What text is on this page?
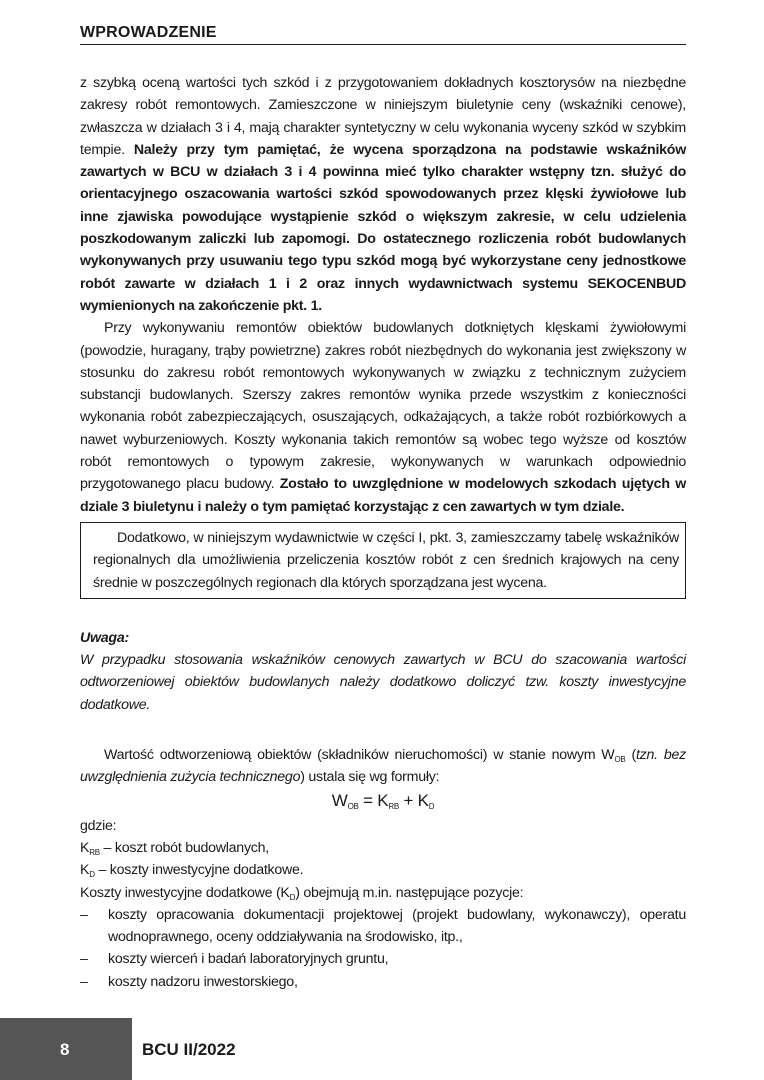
WPROWADZENIE

z szybką oceną wartości tych szkód i z przygotowaniem dokładnych kosztorysów na niezbędne zakresy robót remontowych. Zamieszczone w niniejszym biuletynie ceny (wskaźniki cenowe), zwłaszcza w działach 3 i 4, mają charakter syntetyczny w celu wykonania wyceny szkód w szybkim tempie. Należy przy tym pamiętać, że wycena sporządzona na podstawie wskaźników zawartych w BCU w działach 3 i 4 powinna mieć tylko charakter wstępny tzn. służyć do orientacyjnego oszacowania wartości szkód spowodowanych przez klęski żywiołowe lub inne zjawiska powodujące wystąpienie szkód o większym zakresie, w celu udzielenia poszkodowanym zaliczki lub zapomogi. Do ostatecznego rozliczenia robót budowlanych wykonywanych przy usuwaniu tego typu szkód mogą być wykorzystane ceny jednostkowe robót zawarte w działach 1 i 2 oraz innych wydawnictwach systemu SEKOCENBUD wymienionych na zakończenie pkt. 1.

Przy wykonywaniu remontów obiektów budowlanych dotkniętych klęskami żywiołowymi (powodzie, huragany, trąby powietrzne) zakres robót niezbędnych do wykonania jest zwiększony w stosunku do zakresu robót remontowych wykonywanych w związku z technicznym zużyciem substancji budowlanych. Szerszy zakres remontów wynika przede wszystkim z konieczności wykonania robót zabezpieczających, osuszających, odkażających, a także robót rozbiórkowych a nawet wyburzeniowych. Koszty wykonania takich remontów są wobec tego wyższe od kosztów robót remontowych o typowym zakresie, wykonywanych w warunkach odpowiednio przygotowanego placu budowy. Zostało to uwzględnione w modelowych szkodach ujętych w dziale 3 biuletynu i należy o tym pamiętać korzystając z cen zawartych w tym dziale.

Dodatkowo, w niniejszym wydawnictwie w części I, pkt. 3, zamieszczamy tabelę wskaźników regionalnych dla umożliwienia przeliczenia kosztów robót z cen średnich krajowych na ceny średnie w poszczególnych regionach dla których sporządzana jest wycena.

Uwaga:

W przypadku stosowania wskaźników cenowych zawartych w BCU do szacowania wartości odtworzeniowej obiektów budowlanych należy dodatkowo doliczyć tzw. koszty inwestycyjne dodatkowe.

Wartość odtworzeniową obiektów (składników nieruchomości) w stanie nowym $W_{OB}$ (tzn. bez uwzględnienia zużycia technicznego) ustala się wg formuły:

$W_{OB} = K_{RB} + K_D$

gdzie:

$K_{RB}$ – koszt robót budowlanych,

$K_D$ – koszty inwestycyjne dodatkowe.

Koszty inwestycyjne dodatkowe $(K_D)$ obejmują m.in. następujące pozycje:

– koszty opracowania dokumentacji projektowej (projekt budowlany, wykonawczy), operatu wodnoprawnego, oceny oddziaływania na środowisko, itp.,
– koszty wierceń i badań laboratoryjnych gruntu,
– koszty nadzoru inwestorskiego,
8	BCU II/2022
